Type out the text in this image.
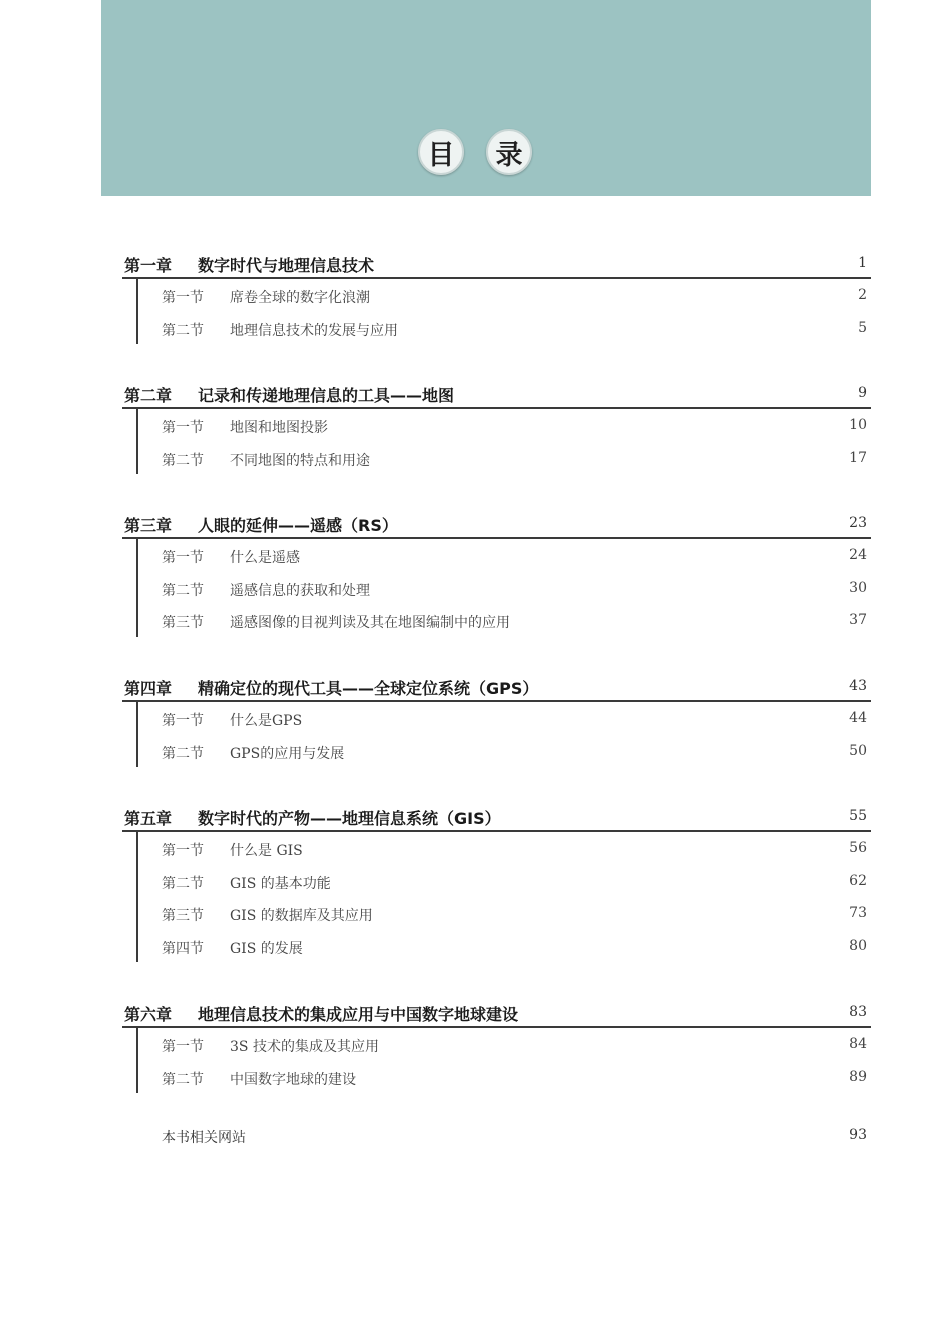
目	录
第一章 数字时代与地理信息技术	1
第一节 席卷全球的数字化浪潮	2
第二节 地理信息技术的发展与应用	5
第二章 记录和传递地理信息的工具——地图	9
第一节 地图和地图投影	10
第二节 不同地图的特点和用途	17
第三章 人眼的延伸——遥感（RS）	23
第一节 什么是遥感	24
第二节 遥感信息的获取和处理	30
第三节 遥感图像的目视判读及其在地图编制中的应用	37
第四章 精确定位的现代工具——全球定位系统（GPS）	43
第一节 什么是GPS	44
第二节 GPS的应用与发展	50
第五章 数字时代的产物——地理信息系统（GIS）	55
第一节 什么是 GIS	56
第二节 GIS 的基本功能	62
第三节 GIS 的数据库及其应用	73
第四节 GIS 的发展	80
第六章 地理信息技术的集成应用与中国数字地球建设	83
第一节 3S 技术的集成及其应用	84
第二节 中国数字地球的建设	89
本书相关网站	93
